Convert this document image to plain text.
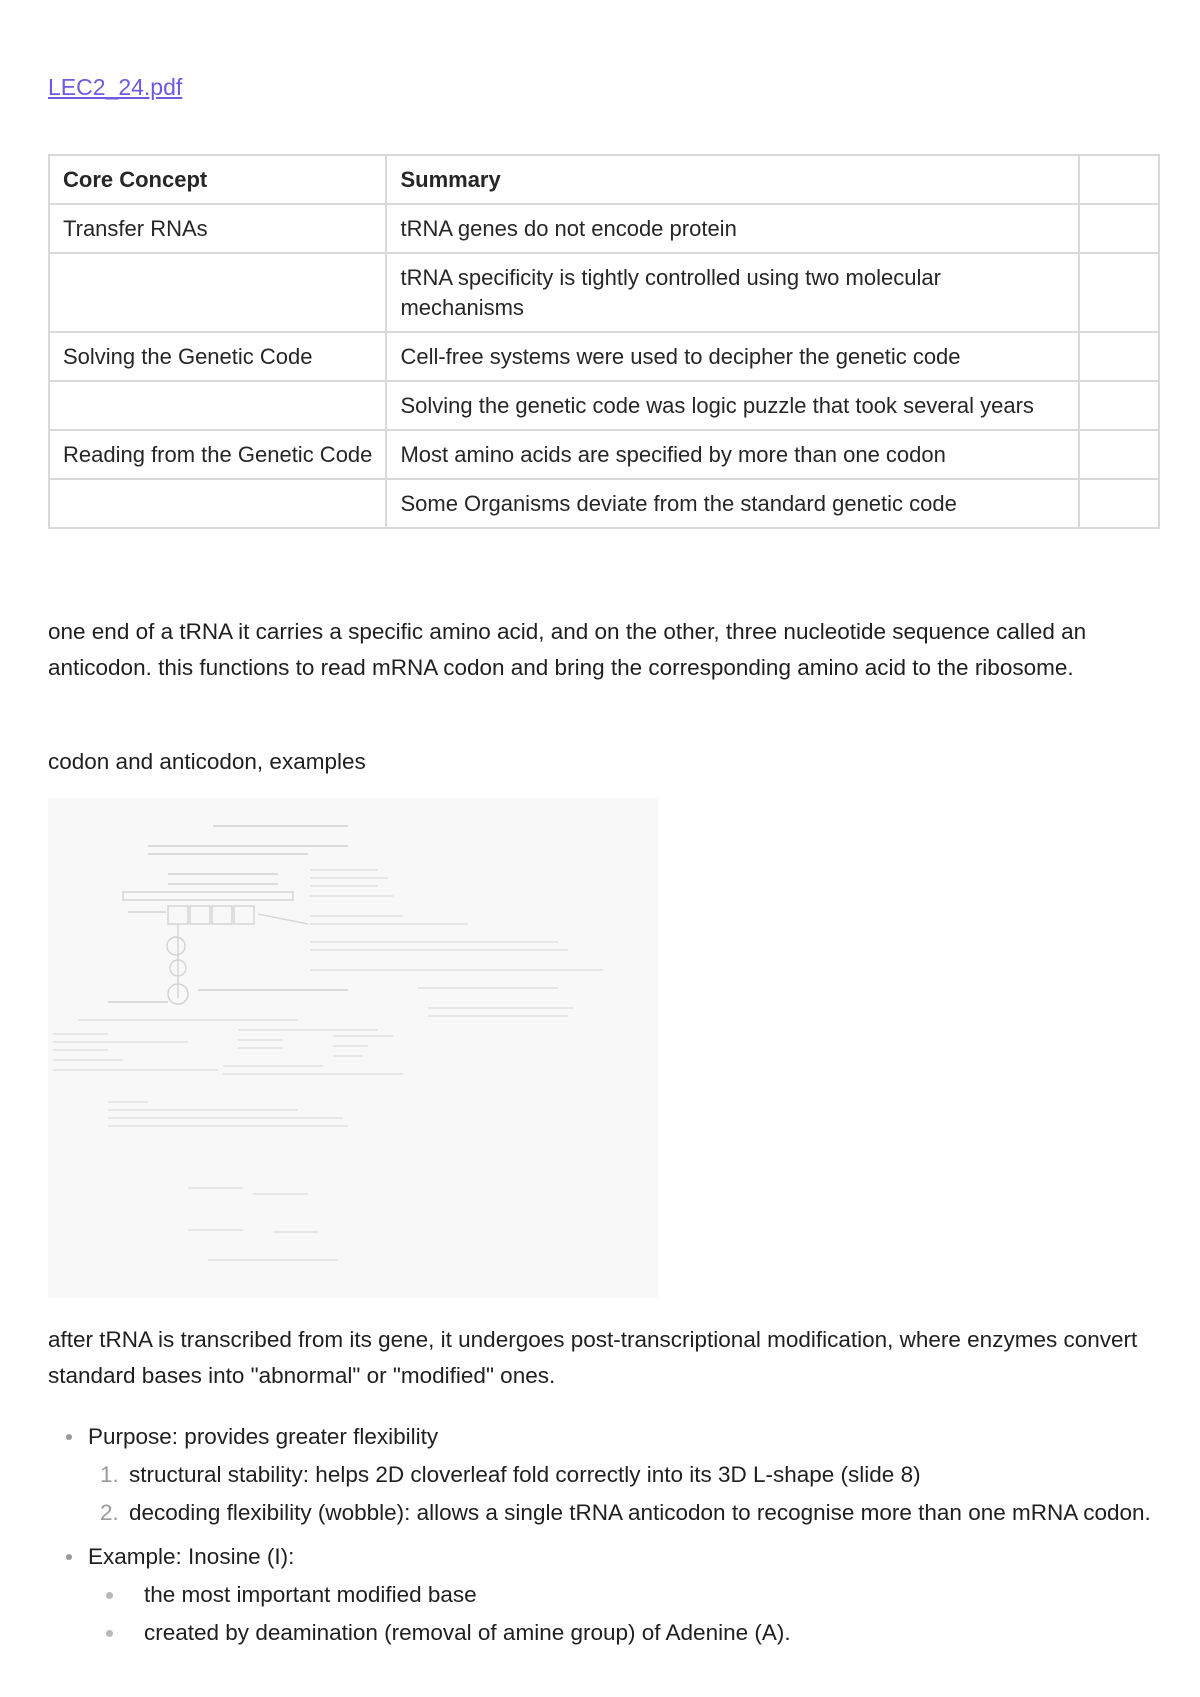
LEC2_24.pdf
Core Concept	Summary	
Transfer RNAs	tRNA genes do not encode protein	
	tRNA specificity is tightly controlled using two molecular mechanisms	
Solving the Genetic Code	Cell-free systems were used to decipher the genetic code	
	Solving the genetic code was logic puzzle that took several years	
Reading from the Genetic Code	Most amino acids are specified by more than one codon	
	Some Organisms deviate from the standard genetic code	

one end of a tRNA it carries a specific amino acid, and on the other, three nucleotide sequence called an anticodon. this functions to read mRNA codon and bring the corresponding amino acid to the ribosome.

codon and anticodon, examples

after tRNA is transcribed from its gene, it undergoes post-transcriptional modification, where enzymes convert standard bases into "abnormal" or "modified" ones.

Purpose: provides greater flexibility
1. structural stability: helps 2D cloverleaf fold correctly into its 3D L-shape (slide 8)
2. decoding flexibility (wobble): allows a single tRNA anticodon to recognise more than one mRNA codon.
Example: Inosine (I):
the most important modified base
created by deamination (removal of amine group) of Adenine (A).
